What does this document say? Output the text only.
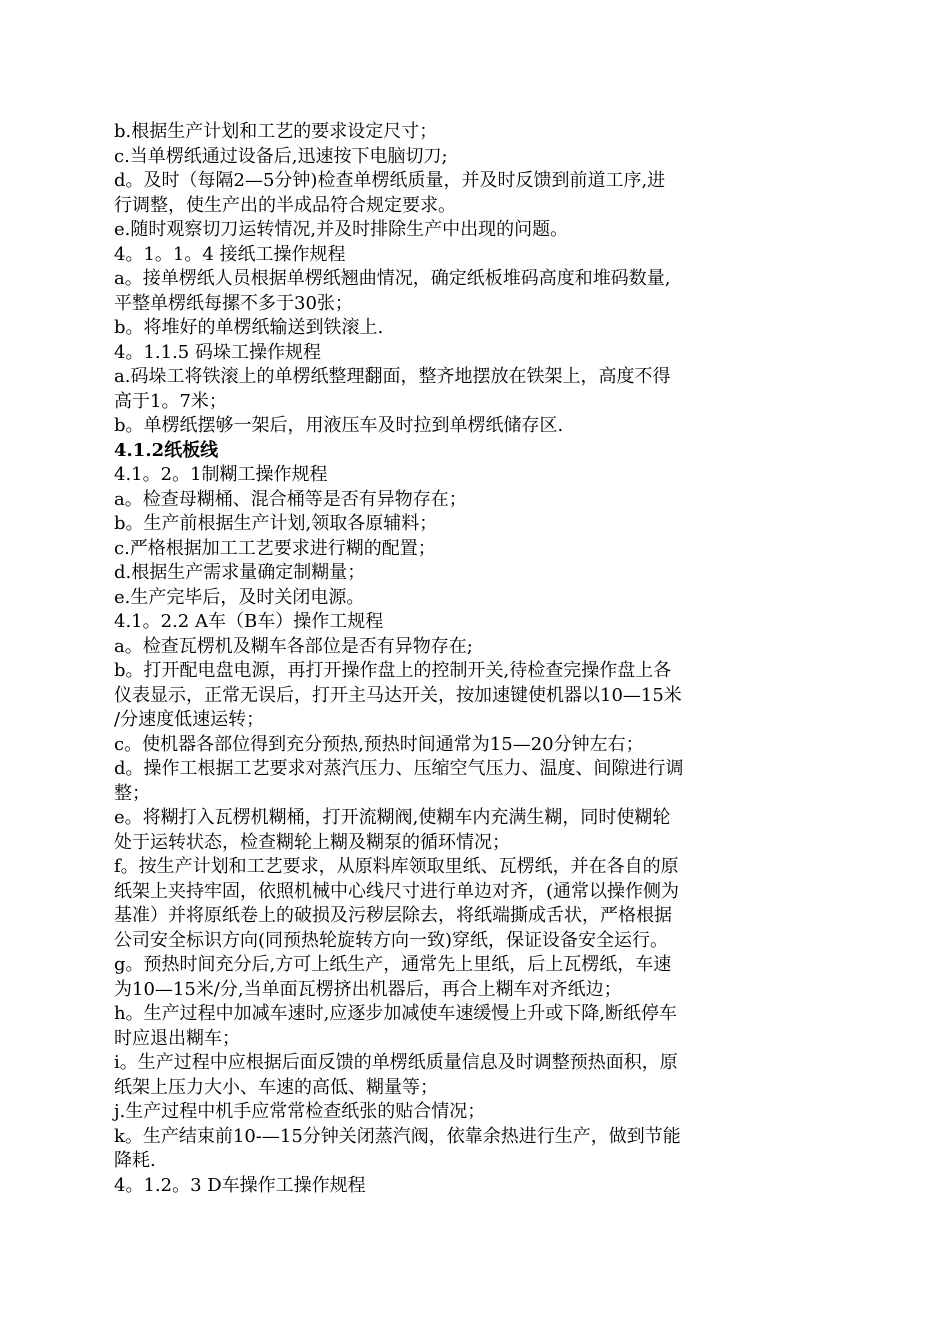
b.根据生产计划和工艺的要求设定尺寸；
c.当单楞纸通过设备后,迅速按下电脑切刀;
d。及时（每隔2—5分钟)检查单楞纸质量，并及时反馈到前道工序,进
行调整，使生产出的半成品符合规定要求。
e.随时观察切刀运转情况,并及时排除生产中出现的问题。
4。1。1。4 接纸工操作规程
a。接单楞纸人员根据单楞纸翘曲情况，确定纸板堆码高度和堆码数量,
平整单楞纸每摞不多于30张；
b。将堆好的单楞纸输送到铁滚上.
4。1.1.5 码垛工操作规程
a.码垛工将铁滚上的单楞纸整理翻面，整齐地摆放在铁架上，高度不得
高于1。7米；
b。单楞纸摆够一架后，用液压车及时拉到单楞纸储存区.
4.1.2纸板线
4.1。2。1制糊工操作规程
a。检查母糊桶、混合桶等是否有异物存在；
b。生产前根据生产计划,领取各原辅料；
c.严格根据加工工艺要求进行糊的配置；
d.根据生产需求量确定制糊量；
e.生产完毕后，及时关闭电源。
4.1。2.2 A车（B车）操作工规程
a。检查瓦楞机及糊车各部位是否有异物存在;
b。打开配电盘电源，再打开操作盘上的控制开关,待检查完操作盘上各
仪表显示，正常无误后，打开主马达开关，按加速键使机器以10—15米
/分速度低速运转；
c。使机器各部位得到充分预热,预热时间通常为15—20分钟左右；
d。操作工根据工艺要求对蒸汽压力、压缩空气压力、温度、间隙进行调
整；
e。将糊打入瓦楞机糊桶，打开流糊阀,使糊车内充满生糊，同时使糊轮
处于运转状态，检查糊轮上糊及糊泵的循环情况；
f。按生产计划和工艺要求，从原料库领取里纸、瓦楞纸，并在各自的原
纸架上夹持牢固，依照机械中心线尺寸进行单边对齐，(通常以操作侧为
基准）并将原纸卷上的破损及污秽层除去，将纸端撕成舌状，严格根据
公司安全标识方向(同预热轮旋转方向一致)穿纸，保证设备安全运行。
g。预热时间充分后,方可上纸生产，通常先上里纸，后上瓦楞纸，车速
为10—15米/分,当单面瓦楞挤出机器后，再合上糊车对齐纸边；
h。生产过程中加减车速时,应逐步加减使车速缓慢上升或下降,断纸停车
时应退出糊车；
i。生产过程中应根据后面反馈的单楞纸质量信息及时调整预热面积，原
纸架上压力大小、车速的高低、糊量等；
j.生产过程中机手应常常检查纸张的贴合情况；
k。生产结束前10-—15分钟关闭蒸汽阀，依靠余热进行生产，做到节能
降耗.
4。1.2。3 D车操作工操作规程
